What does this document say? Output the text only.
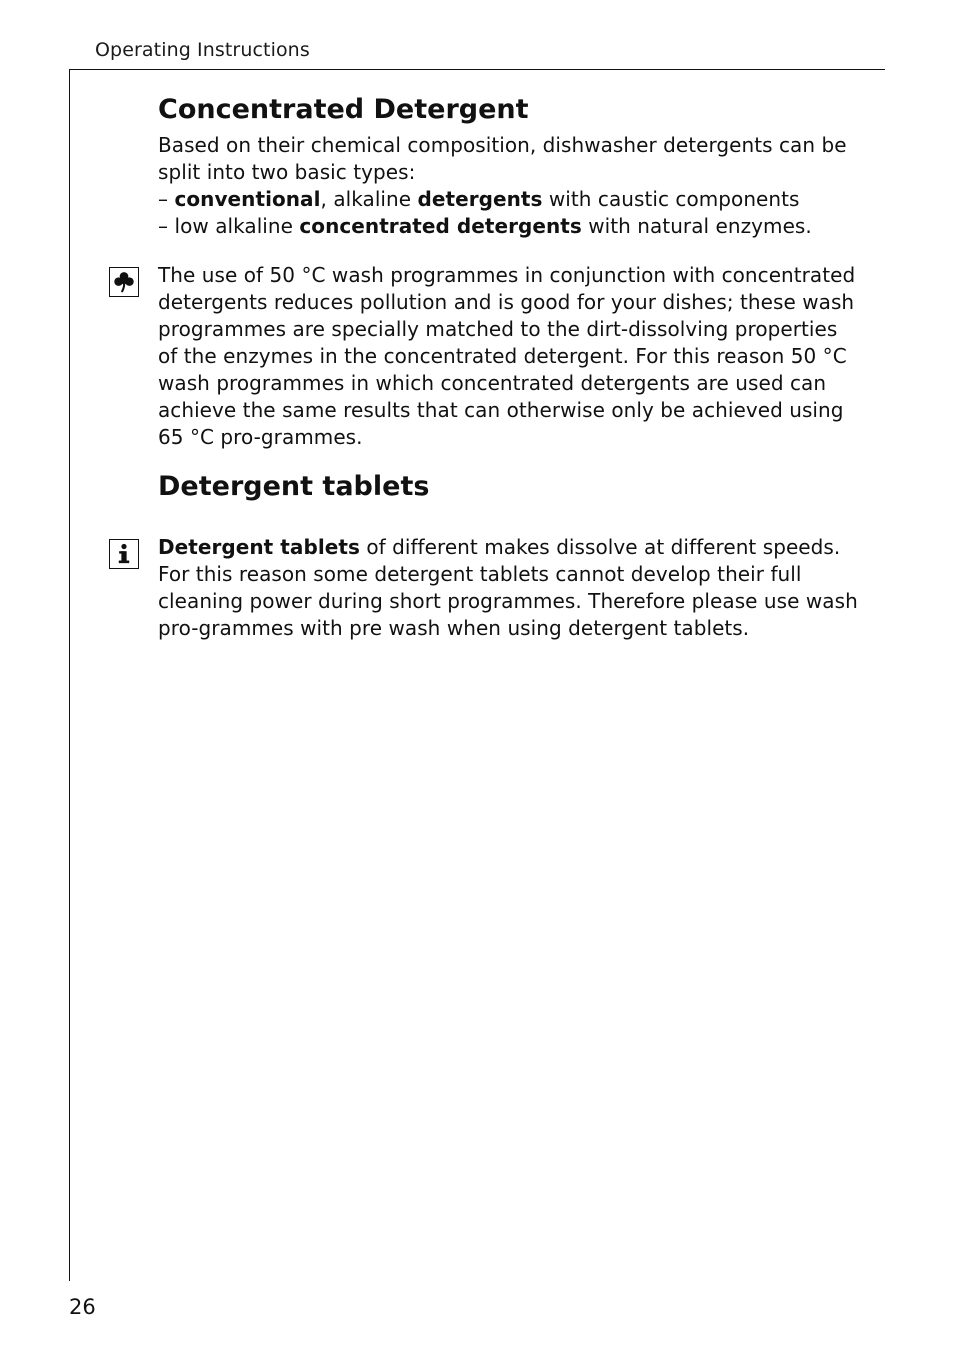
Operating Instructions
Concentrated Detergent
Based on their chemical composition, dishwasher detergents can be split into two basic types:
– conventional, alkaline detergents with caustic components
– low alkaline concentrated detergents with natural enzymes.
The use of 50 °C wash programmes in conjunction with concentrated detergents reduces pollution and is good for your dishes; these wash programmes are specially matched to the dirt-dissolving properties of the enzymes in the concentrated detergent. For this reason 50 °C wash programmes in which concentrated detergents are used can achieve the same results that can otherwise only be achieved using 65 °C pro-grammes.
Detergent tablets
Detergent tablets of different makes dissolve at different speeds. For this reason some detergent tablets cannot develop their full cleaning power during short programmes. Therefore please use wash pro-grammes with pre wash when using detergent tablets.
26
